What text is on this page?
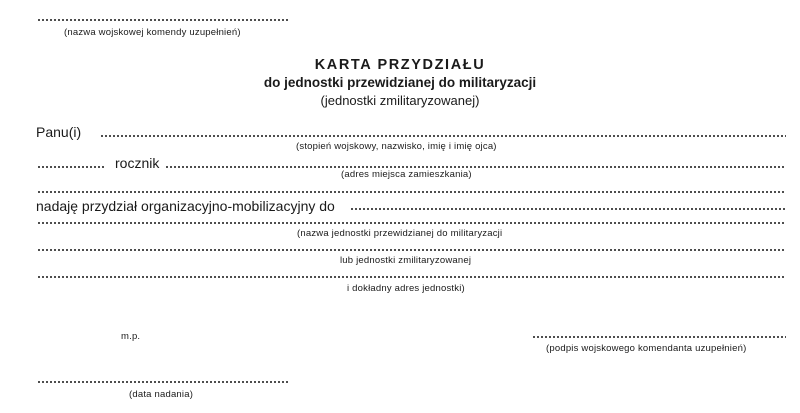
(nazwa wojskowej komendy uzupełnień)
KARTA PRZYDZIAŁU
do jednostki przewidzianej do militaryzacji
(jednostki zmilitaryzowanej)
Panu(i)
(stopień wojskowy, nazwisko, imię i imię ojca)
rocznik
(adres miejsca zamieszkania)
nadaję przydział organizacyjno-mobilizacyjny do
(nazwa jednostki przewidzianej do militaryzacji
lub jednostki zmilitaryzowanej
i dokładny adres jednostki)
m.p.
(podpis wojskowego komendanta uzupełnień)
(data nadania)
